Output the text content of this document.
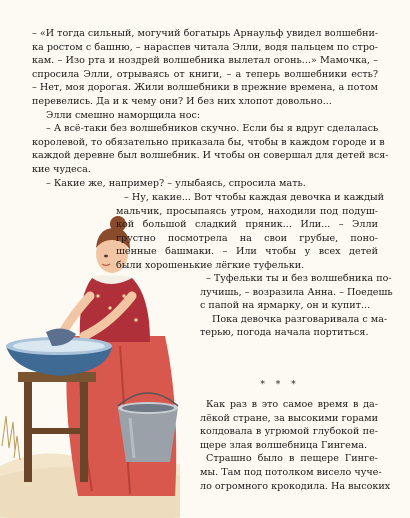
– «И тогда сильный, могучий богатырь Арнаульф увидел волшебни-
ка ростом с башню, – нараспев читала Элли, водя пальцем по стро-
кам. – Изо рта и ноздрей волшебника вылетал огонь...» Мамочка, –
спросила Элли, отрываясь от книги, – а теперь волшебники есть?
– Нет, моя дорогая. Жили волшебники в прежние времена, а потом
перевелись. Да и к чему они? И без них хлопот довольно...
Элли смешно наморщила нос:
– А всё-таки без волшебников скучно. Если бы я вдруг сделалась
королевой, то обязательно приказала бы, чтобы в каждом городе и в
каждой деревне был волшебник. И чтобы он совершал для детей вся-
кие чудеса.
– Какие же, например? – улыбаясь, спросила мать.
– Ну, какие... Вот чтобы каждая девочка и каждый
мальчик, просыпаясь утром, находили под подуш-
кой большой сладкий пряник... Или... – Элли
грустно посмотрела на свои грубые, поно-
шенные башмаки. – Или чтобы у всех детей
были хорошенькие лёгкие туфельки.
– Туфельки ты и без волшебника по-
лучишь, – возразила Анна. – Поедешь
с папой на ярмарку, он и купит...
Пока девочка разговаривала с ма-
терью, погода начала портиться.
* * *
Как раз в это самое время в да-
лёкой стране, за высокими горами
колдовала в угрюмой глубокой пе-
щере злая волшебница Гингема.
Страшно было в пещере Гинге-
мы. Там под потолком висело чуче-
ло огромного крокодила. На высоких
